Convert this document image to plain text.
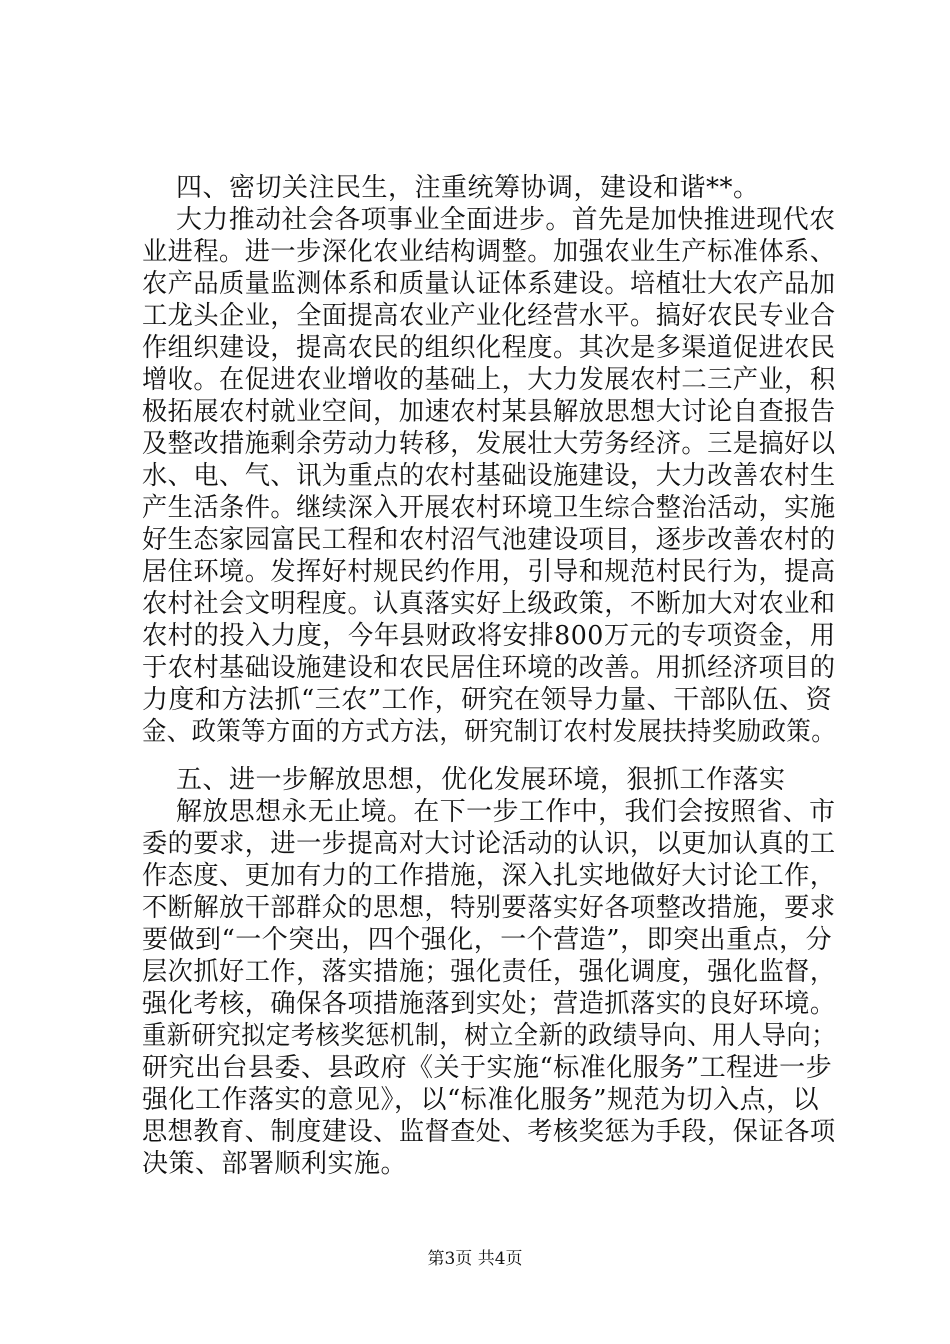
四、密切关注民生，注重统筹协调，建设和谐**。
大力推动社会各项事业全面进步。首先是加快推进现代农
业进程。进一步深化农业结构调整。加强农业生产标准体系、
农产品质量监测体系和质量认证体系建设。培植壮大农产品加
工龙头企业，全面提高农业产业化经营水平。搞好农民专业合
作组织建设，提高农民的组织化程度。其次是多渠道促进农民
增收。在促进农业增收的基础上，大力发展农村二三产业，积
极拓展农村就业空间，加速农村某县解放思想大讨论自查报告
及整改措施剩余劳动力转移，发展壮大劳务经济。三是搞好以
水、电、气、讯为重点的农村基础设施建设，大力改善农村生
产生活条件。继续深入开展农村环境卫生综合整治活动，实施
好生态家园富民工程和农村沼气池建设项目，逐步改善农村的
居住环境。发挥好村规民约作用，引导和规范村民行为，提高
农村社会文明程度。认真落实好上级政策，不断加大对农业和
农村的投入力度，今年县财政将安排800万元的专项资金，用
于农村基础设施建设和农民居住环境的改善。用抓经济项目的
力度和方法抓“三农”工作，研究在领导力量、干部队伍、资
金、政策等方面的方式方法，研究制订农村发展扶持奖励政策。
五、进一步解放思想，优化发展环境，狠抓工作落实
解放思想永无止境。在下一步工作中，我们会按照省、市
委的要求，进一步提高对大讨论活动的认识，以更加认真的工
作态度、更加有力的工作措施，深入扎实地做好大讨论工作，
不断解放干部群众的思想，特别要落实好各项整改措施，要求
要做到“一个突出，四个强化，一个营造”，即突出重点，分
层次抓好工作，落实措施；强化责任，强化调度，强化监督，
强化考核，确保各项措施落到实处；营造抓落实的良好环境。
重新研究拟定考核奖惩机制，树立全新的政绩导向、用人导向；
研究出台县委、县政府《关于实施“标准化服务”工程进一步
强化工作落实的意见》，以“标准化服务”规范为切入点，以
思想教育、制度建设、监督查处、考核奖惩为手段，保证各项
决策、部署顺利实施。
第3页 共4页
